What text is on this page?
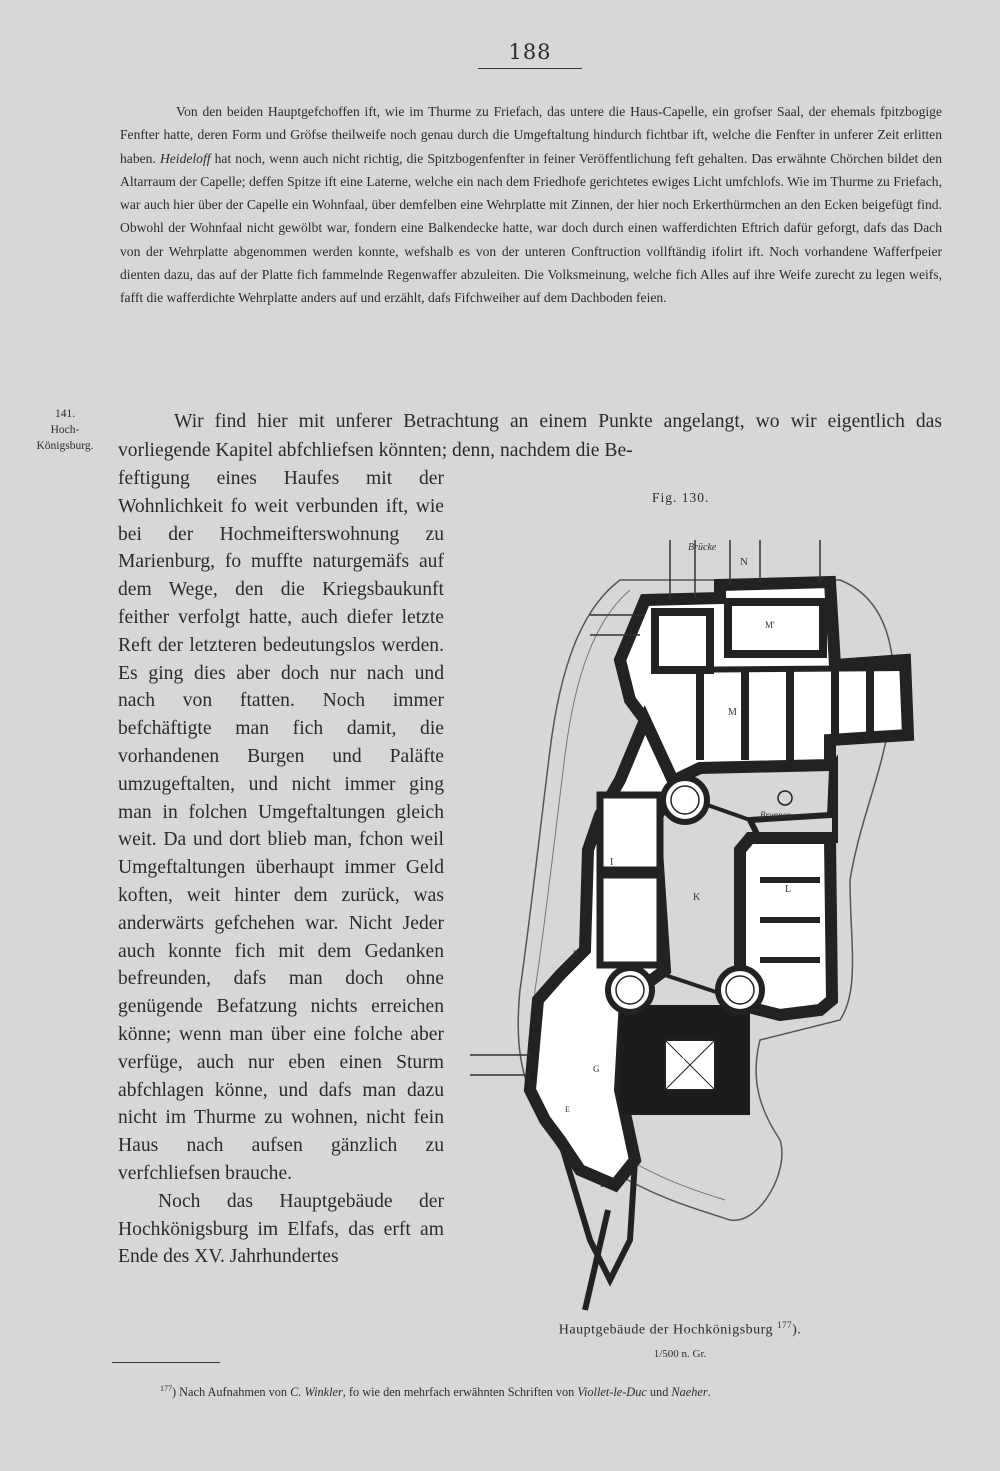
188

Von den beiden Hauptgefchoffen ift, wie im Thurme zu Friefach, das untere die Haus-Capelle, ein grofser Saal, der ehemals fpitzbogige Fenfter hatte, deren Form und Gröfse theilweife noch genau durch die Umgeftaltung hindurch fichtbar ift, welche die Fenfter in unferer Zeit erlitten haben. Heideloff hat noch, wenn auch nicht richtig, die Spitzbogenfenfter in feiner Veröffentlichung feft gehalten. Das erwähnte Chörchen bildet den Altarraum der Capelle; deffen Spitze ift eine Laterne, welche ein nach dem Friedhofe gerichtetes ewiges Licht umfchlofs. Wie im Thurme zu Friefach, war auch hier über der Capelle ein Wohnfaal, über demfelben eine Wehrplatte mit Zinnen, der hier noch Erkerthürmchen an den Ecken beigefügt find. Obwohl der Wohnfaal nicht gewölbt war, fondern eine Balkendecke hatte, war doch durch einen wafferdichten Eftrich dafür geforgt, dafs das Dach von der Wehrplatte abgenommen werden konnte, wefshalb es von der unteren Conftruction vollftändig ifolirt ift. Noch vorhandene Wafferfpeier dienten dazu, das auf der Platte fich fammelnde Regenwaffer abzuleiten. Die Volksmeinung, welche fich Alles auf ihre Weife zurecht zu legen weifs, fafft die wafferdichte Wehrplatte anders auf und erzählt, dafs Fifchweiher auf dem Dachboden feien.

141.
Hoch-
Königsburg.
Wir find hier mit unferer Betrachtung an einem Punkte angelangt, wo wir eigentlich das vorliegende Kapitel abfchliefsen könnten; denn, nachdem die Be-

feftigung eines Haufes mit der Wohnlichkeit fo weit verbunden ift, wie bei der Hochmeifterswohnung zu Marienburg, fo muffte naturgemäfs auf dem Wege, den die Kriegsbaukunft feither verfolgt hatte, auch diefer letzte Reft der letzteren bedeutungslos werden. Es ging dies aber doch nur nach und nach von ftatten. Noch immer befchäftigte man fich damit, die vorhandenen Burgen und Paläfte umzugeftalten, und nicht immer ging man in folchen Umgeftaltungen gleich weit. Da und dort blieb man, fchon weil Umgeftaltungen überhaupt immer Geld koften, weit hinter dem zurück, was anderwärts gefchehen war. Nicht Jeder auch konnte fich mit dem Gedanken befreunden, dafs man doch ohne genügende Befatzung nichts erreichen könne; wenn man über eine folche aber verfüge, auch nur eben einen Sturm abfchlagen könne, und dafs man dazu nicht im Thurme zu wohnen, nicht fein Haus nach aufsen gänzlich zu verfchliefsen brauche.

Noch das Hauptgebäude der Hochkönigsburg im Elfafs, das erft am Ende des XV. Jahrhundertes

Fig. 130.
Brücke
N
M'
M
Brunnen
I
K
L
F
G
H
E
D
Hauptgebäude der Hochkönigsburg $^{177}$).
1/500 n. Gr.
$^{177}$) Nach Aufnahmen von C. Winkler, fo wie den mehrfach erwähnten Schriften von Viollet-le-Duc und Naeher.
